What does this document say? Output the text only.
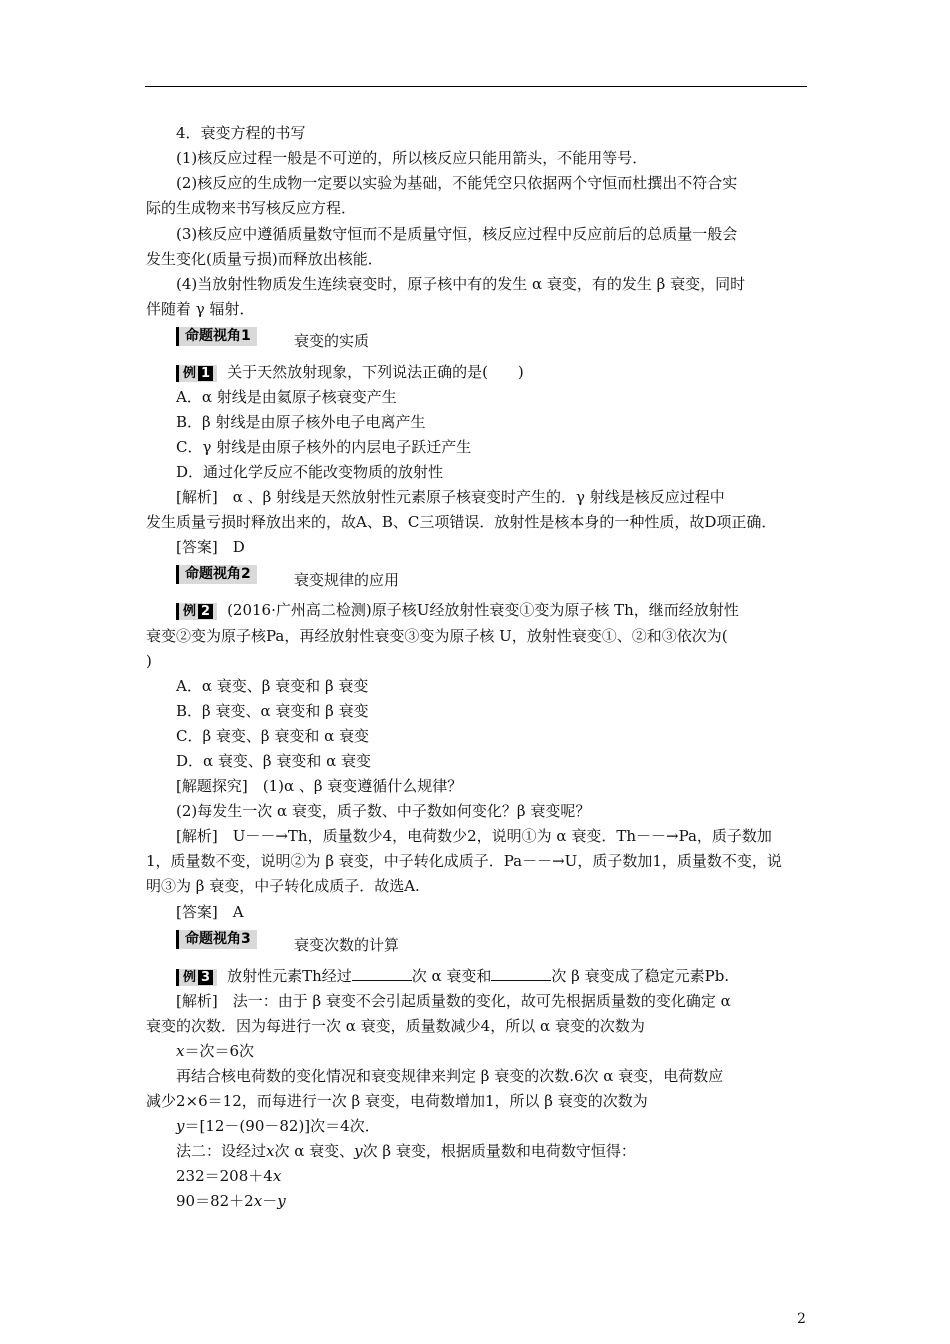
4．衰变方程的书写
(1)核反应过程一般是不可逆的，所以核反应只能用箭头，不能用等号．
(2)核反应的生成物一定要以实验为基础，不能凭空只依据两个守恒而杜撰出不符合实
际的生成物来书写核反应方程．
(3)核反应中遵循质量数守恒而不是质量守恒，核反应过程中反应前后的总质量一般会
发生变化(质量亏损)而释放出核能．
(4)当放射性物质发生连续衰变时，原子核中有的发生 α 衰变，有的发生 β 衰变，同时
伴随着 γ 辐射．
命题视角1	衰变的实质
例 1 关于天然放射现象，下列说法正确的是(　　)
A．α 射线是由氦原子核衰变产生
B．β 射线是由原子核外电子电离产生
C．γ 射线是由原子核外的内层电子跃迁产生
D．通过化学反应不能改变物质的放射性
[解析]　α 、β 射线是天然放射性元素原子核衰变时产生的．γ 射线是核反应过程中
发生质量亏损时释放出来的，故A、B、C三项错误．放射性是核本身的一种性质，故D项正确．
[答案]　D
命题视角2	衰变规律的应用
例 2 (2016·广州高二检测)原子核U经放射性衰变①变为原子核 Th，继而经放射性
衰变②变为原子核Pa，再经放射性衰变③变为原子核 U，放射性衰变①、②和③依次为(
)
A．α 衰变、β 衰变和 β 衰变
B．β 衰变、α 衰变和 β 衰变
C．β 衰变、β 衰变和 α 衰变
D．α 衰变、β 衰变和 α 衰变
[解题探究]　(1)α 、β 衰变遵循什么规律？
(2)每发生一次 α 衰变，质子数、中子数如何变化？β 衰变呢？
[解析]　U－－→Th，质量数少4，电荷数少2，说明①为 α 衰变．Th－－→Pa，质子数加
1，质量数不变，说明②为 β 衰变，中子转化成质子．Pa－－→U，质子数加1，质量数不变，说
明③为 β 衰变，中子转化成质子．故选A.
[答案]　A
命题视角3	衰变次数的计算
例 3 放射性元素Th经过	次 α 衰变和	次 β 衰变成了稳定元素Pb.
[解析]　法一：由于 β 衰变不会引起质量数的变化，故可先根据质量数的变化确定 α
衰变的次数．因为每进行一次 α 衰变，质量数减少4，所以 α 衰变的次数为
x＝次＝6次
再结合核电荷数的变化情况和衰变规律来判定 β 衰变的次数.6次 α 衰变，电荷数应
减少2×6＝12，而每进行一次 β 衰变，电荷数增加1，所以 β 衰变的次数为
y＝[12－(90－82)]次＝4次．
法二：设经过x次 α 衰变、y次 β 衰变，根据质量数和电荷数守恒得：
232＝208＋4x
90＝82＋2x－y
2
